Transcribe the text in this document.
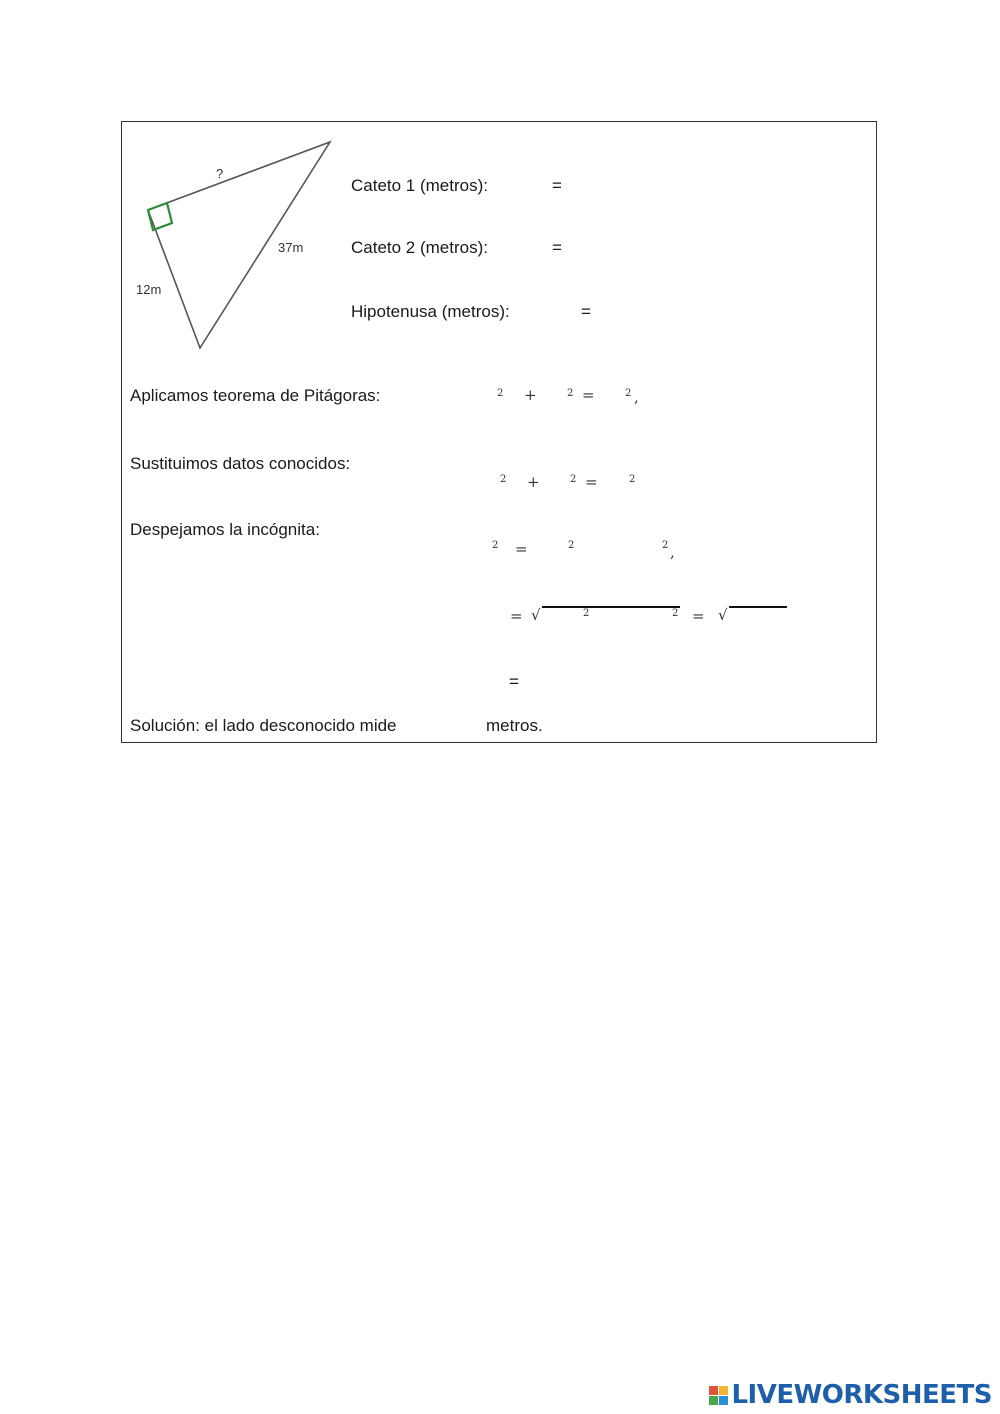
?
37m
12m
Cateto 1 (metros):	=
Cateto 2 (metros):	=
Hipotenusa (metros):	=
Aplicamos teorema de Pitágoras:	2 +	2 =	2 ,
Sustituimos datos conocidos:
2 +	2 =	2
Despejamos la incógnita:
2 =	2	2 ,
= √	2	2 = √
=
Solución: el lado desconocido mide	metros.
LIVEWORKSHEETS
